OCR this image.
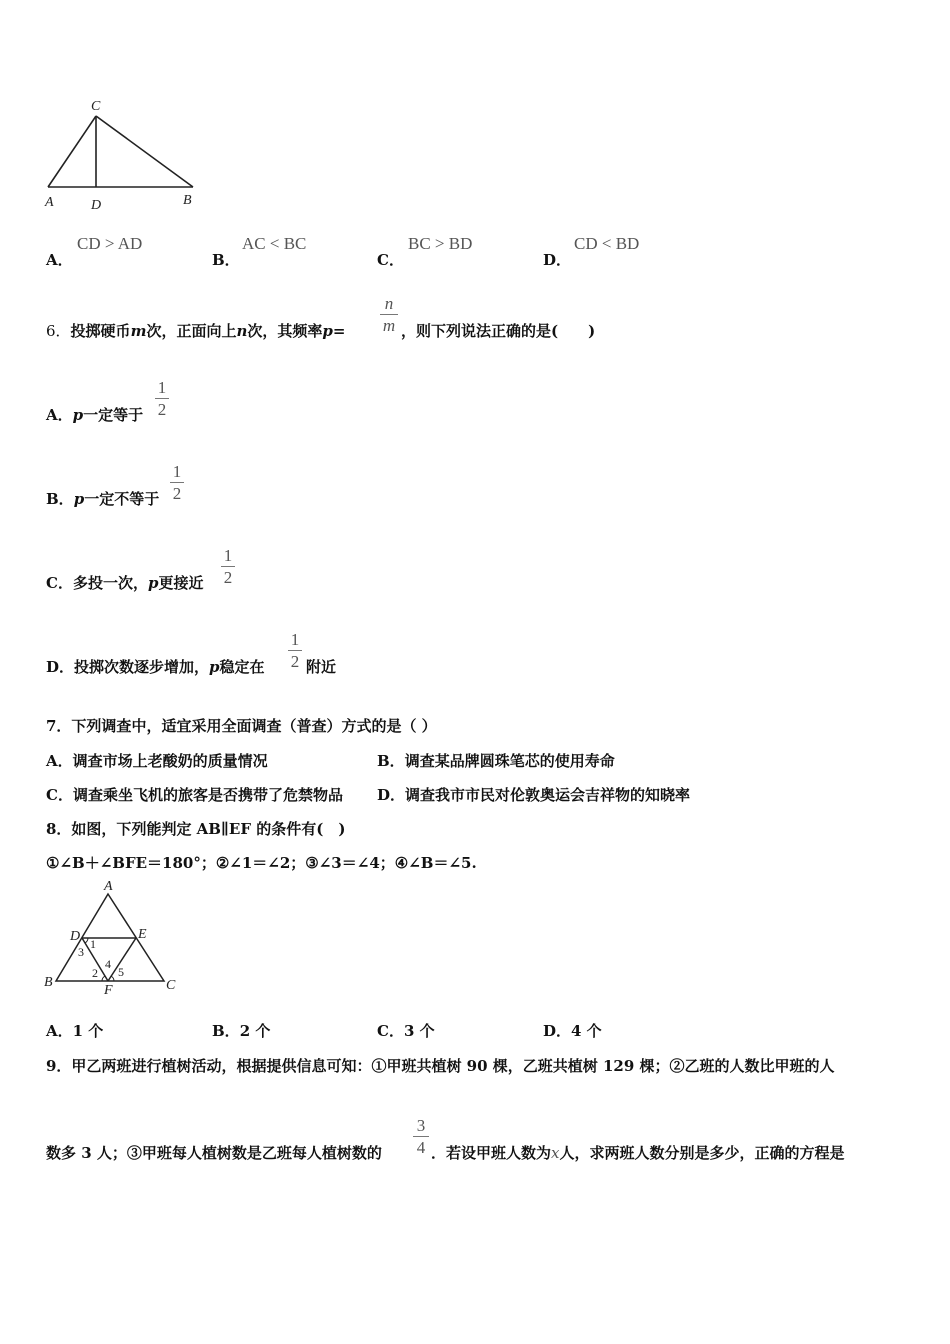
C
A	D	B
A．
CD > AD
B．
AC < BC
C．
BC > BD
D．
CD < BD
6．投掷硬币m次，正面向上n次，其频率p=
n
m ，则下列说法正确的是(　　)
A．p一定等于
1
2
B．p一定不等于
1
2
C．多投一次，p更接近
1
2
D．投掷次数逐步增加，p稳定在
1
2 附近
7．下列调查中，适宜采用全面调查（普查）方式的是（ ）
A．调查市场上老酸奶的质量情况	B．调查某品牌圆珠笔芯的使用寿命
C．调查乘坐飞机的旅客是否携带了危禁物品 D．调查我市市民对伦敦奥运会吉祥物的知晓率
8．如图，下列能判定 AB∥EF 的条件有(　)
①∠B＋∠BFE＝180°；②∠1＝∠2；③∠3＝∠4；④∠B＝∠5.
A
D	E
B
F	C
1
3
2
4
5
A．1 个	B．2 个	C．3 个	D．4 个
9．甲乙两班进行植树活动，根据提供信息可知：①甲班共植树 90 棵，乙班共植树 129 棵；②乙班的人数比甲班的人
数多 3 人；③甲班每人植树数是乙班每人植树数的
3
4 ．若设甲班人数为x人，求两班人数分别是多少，正确的方程是
